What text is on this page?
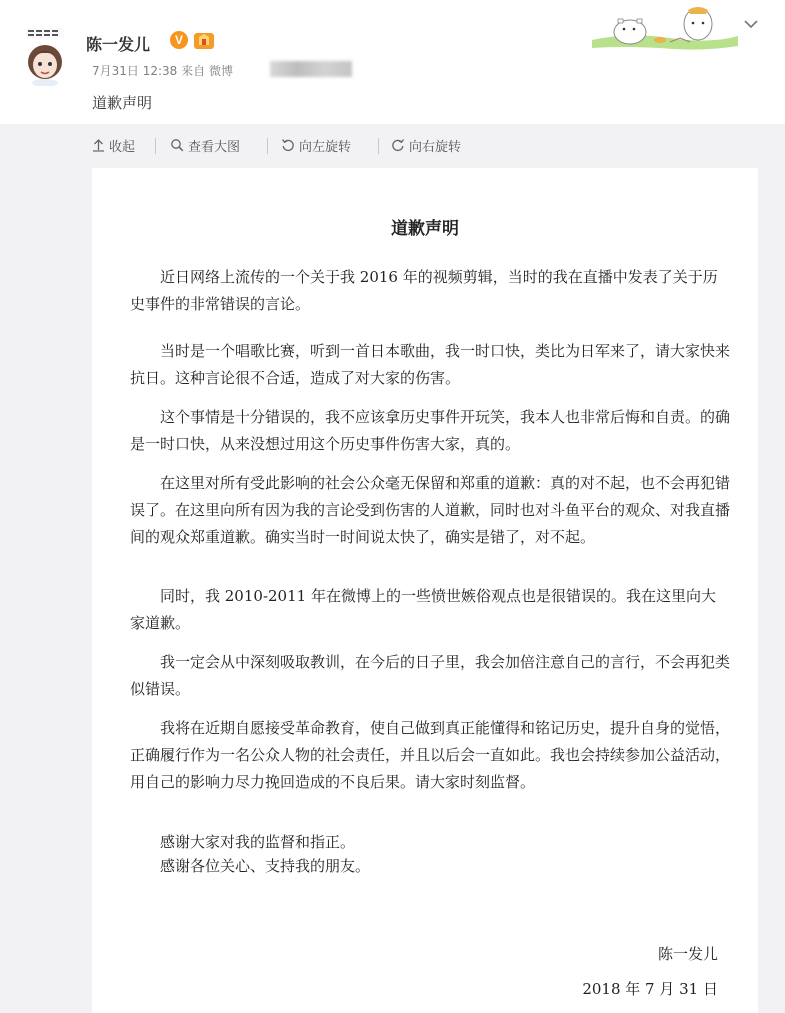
陈一发儿	V
7月31日 12:38 来自 微博
道歉声明
收起	查看大图	向左旋转	向右旋转
道歉声明
近日网络上流传的一个关于我 2016 年的视频剪辑，当时的我在直播中发表了关于历史事件的非常错误的言论。
当时是一个唱歌比赛，听到一首日本歌曲，我一时口快，类比为日军来了，请大家快来抗日。这种言论很不合适，造成了对大家的伤害。
这个事情是十分错误的，我不应该拿历史事件开玩笑，我本人也非常后悔和自责。的确是一时口快，从来没想过用这个历史事件伤害大家，真的。
在这里对所有受此影响的社会公众毫无保留和郑重的道歉：真的对不起，也不会再犯错误了。在这里向所有因为我的言论受到伤害的人道歉，同时也对斗鱼平台的观众、对我直播间的观众郑重道歉。确实当时一时间说太快了，确实是错了，对不起。
同时，我 2010-2011 年在微博上的一些愤世嫉俗观点也是很错误的。我在这里向大家道歉。
我一定会从中深刻吸取教训，在今后的日子里，我会加倍注意自己的言行，不会再犯类似错误。
我将在近期自愿接受革命教育，使自己做到真正能懂得和铭记历史，提升自身的觉悟，正确履行作为一名公众人物的社会责任，并且以后会一直如此。我也会持续参加公益活动，用自己的影响力尽力挽回造成的不良后果。请大家时刻监督。
感谢大家对我的监督和指正。
感谢各位关心、支持我的朋友。
陈一发儿
2018 年 7 月 31 日
